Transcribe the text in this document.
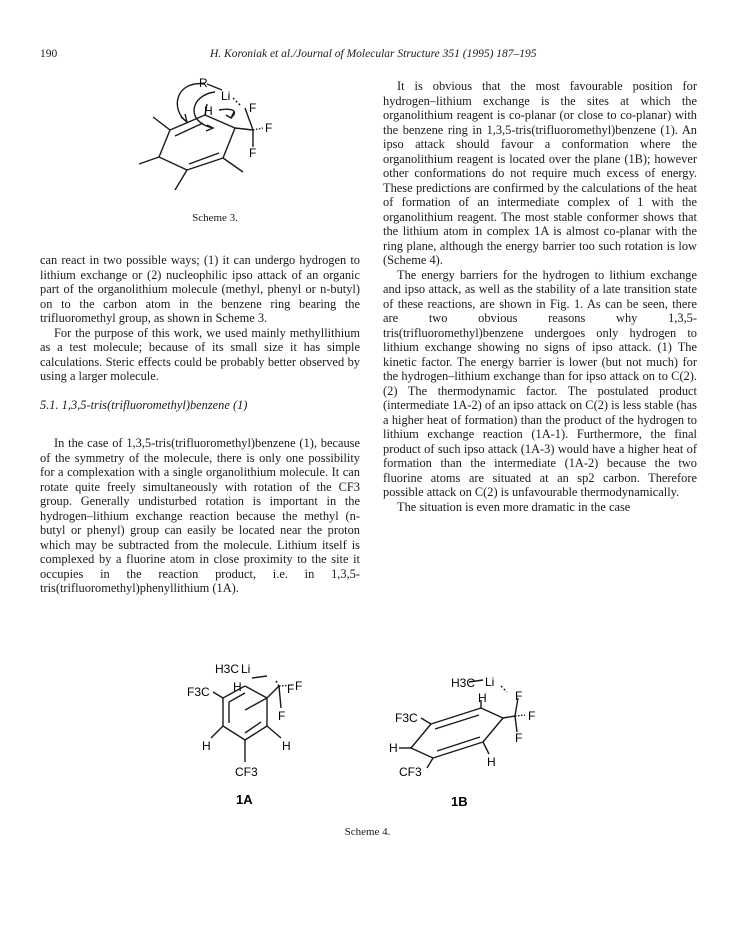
190	H. Koroniak et al./Journal of Molecular Structure 351 (1995) 187–195
R
Li
H	F
F
F
Scheme 3.

can react in two possible ways; (1) it can undergo hydrogen to lithium exchange or (2) nucleophilic ipso attack of an organic part of the organolithium molecule (methyl, phenyl or n-butyl) on to the carbon atom in the benzene ring bearing the trifluoromethyl group, as shown in Scheme 3.

For the purpose of this work, we used mainly methyllithium as a test molecule; because of its small size it has simple calculations. Steric effects could be probably better observed by using a larger molecule.

5.1. 1,3,5-tris(trifluoromethyl)benzene (1)

In the case of 1,3,5-tris(trifluoromethyl)benzene (1), because of the symmetry of the molecule, there is only one possibility for a complexation with a single organolithium molecule. It can rotate quite freely simultaneously with rotation of the CF3 group. Generally undisturbed rotation is important in the hydrogen–lithium exchange reaction because the methyl (n-butyl or phenyl) group can easily be located near the proton which may be subtracted from the molecule. Lithium itself is complexed by a fluorine atom in close proximity to the site it occupies in the reaction product, i.e. in 1,3,5-tris(trifluoromethyl)phenyllithium (1A).

It is obvious that the most favourable position for hydrogen–lithium exchange is the sites at which the organolithium reagent is co-planar (or close to co-planar) with the benzene ring in 1,3,5-tris(trifluoromethyl)benzene (1). An ipso attack should favour a conformation where the organolithium reagent is located over the plane (1B); however other conformations do not require much excess of energy. These predictions are confirmed by the calculations of the heat of formation of an intermediate complex of 1 with the organolithium reagent. The most stable conformer shows that the lithium atom in complex 1A is almost co-planar with the ring plane, although the energy barrier too such rotation is low (Scheme 4).

The energy barriers for the hydrogen to lithium exchange and ipso attack, as well as the stability of a late transition state of these reactions, are shown in Fig. 1. As can be seen, there are two obvious reasons why 1,3,5-tris(trifluoromethyl)benzene undergoes only hydrogen to lithium exchange showing no signs of ipso attack. (1) The kinetic factor. The energy barrier is lower (but not much) for the hydrogen–lithium exchange than for ipso attack on to C(2). (2) The thermodynamic factor. The postulated product (intermediate 1A-2) of an ipso attack on C(2) is less stable (has a higher heat of formation) than the product of the hydrogen to lithium exchange reaction (1A-1). Furthermore, the final product of such ipso attack (1A-3) would have a higher heat of formation than the intermediate (1A-2) because the two fluorine atoms are situated at an sp2 carbon. Therefore possible attack on C(2) is unfavourable thermodynamically.

The situation is even more dramatic in the case

H3C Li
H	F F
F
F3C
H	H
CF3
1A
H3C Li
H F
F
F
F3C
H
H
CF3
1B
Scheme 4.
